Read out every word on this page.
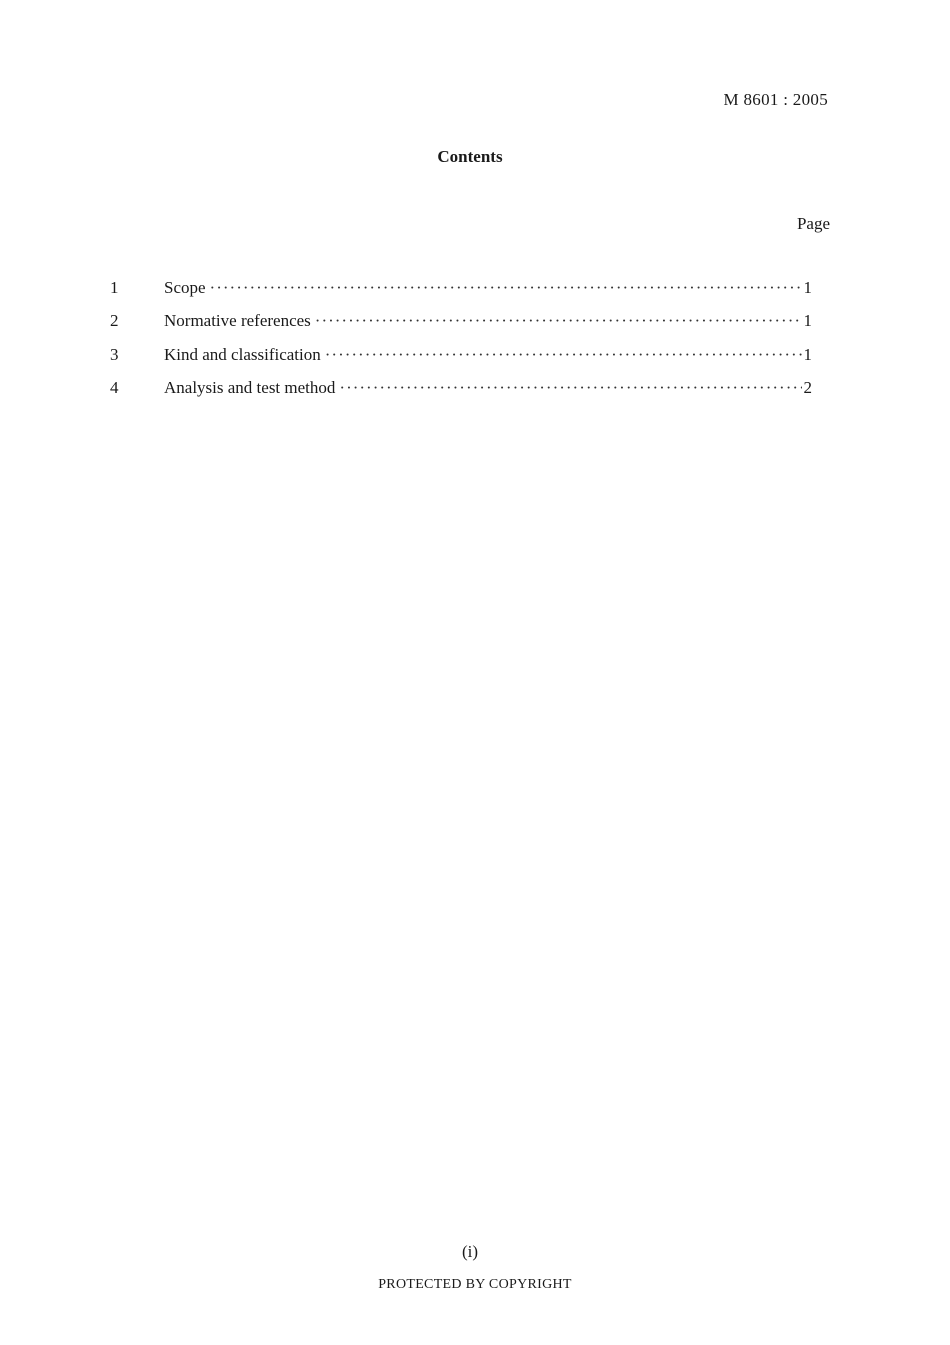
M 8601 : 2005
Contents
Page
1	Scope ·····	1
2	Normative references ·····	1
3	Kind and classification ·····	1
4	Analysis and test method ·····	2
(i)
PROTECTED BY COPYRIGHT
